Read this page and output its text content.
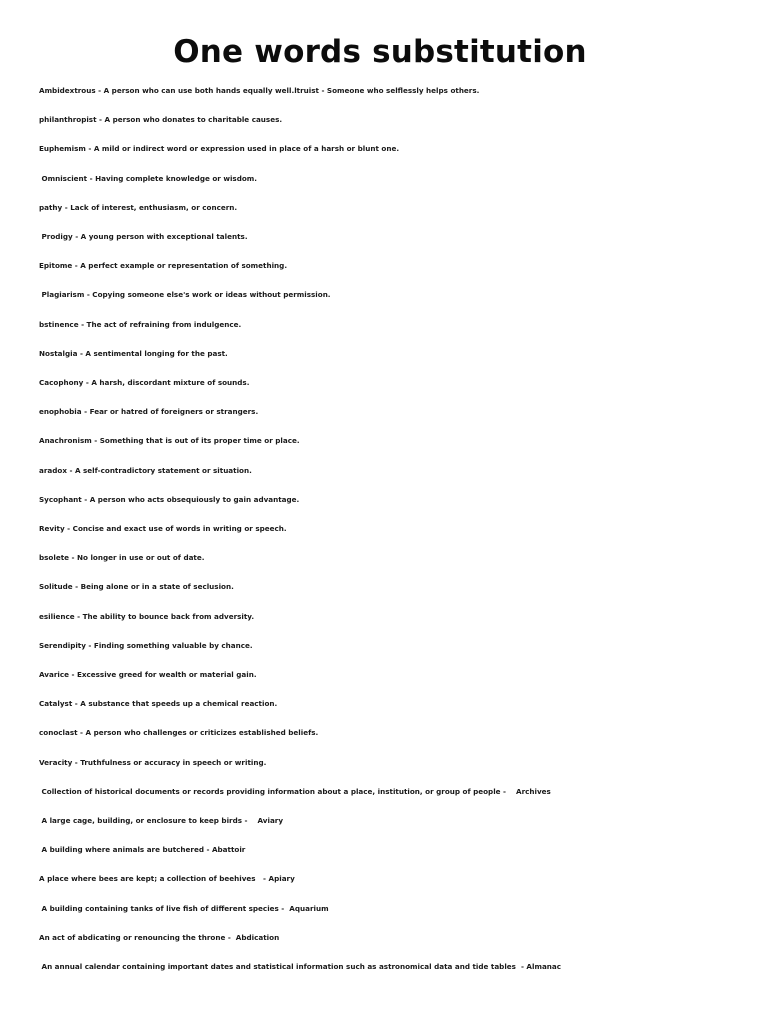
One words substitution
Ambidextrous - A person who can use both hands equally well.ltruist - Someone who selflessly helps others.
philanthropist - A person who donates to charitable causes.
Euphemism - A mild or indirect word or expression used in place of a harsh or blunt one.
Omniscient - Having complete knowledge or wisdom.
pathy - Lack of interest, enthusiasm, or concern.
Prodigy - A young person with exceptional talents.
Epitome - A perfect example or representation of something.
Plagiarism - Copying someone else's work or ideas without permission.
bstinence - The act of refraining from indulgence.
Nostalgia - A sentimental longing for the past.
Cacophony - A harsh, discordant mixture of sounds.
enophobia - Fear or hatred of foreigners or strangers.
Anachronism - Something that is out of its proper time or place.
aradox - A self-contradictory statement or situation.
Sycophant - A person who acts obsequiously to gain advantage.
Revity - Concise and exact use of words in writing or speech.
bsolete - No longer in use or out of date.
Solitude - Being alone or in a state of seclusion.
esilience - The ability to bounce back from adversity.
Serendipity - Finding something valuable by chance.
Avarice - Excessive greed for wealth or material gain.
Catalyst - A substance that speeds up a chemical reaction.
conoclast - A person who challenges or criticizes established beliefs.
Veracity - Truthfulness or accuracy in speech or writing.
Collection of historical documents or records providing information about a place, institution, or group of people -    Archives
A large cage, building, or enclosure to keep birds -    Aviary
A building where animals are butchered - Abattoir
A place where bees are kept; a collection of beehives   - Apiary
A building containing tanks of live fish of different species -  Aquarium
An act of abdicating or renouncing the throne -  Abdication
An annual calendar containing important dates and statistical information such as astronomical data and tide tables  - Almanac
